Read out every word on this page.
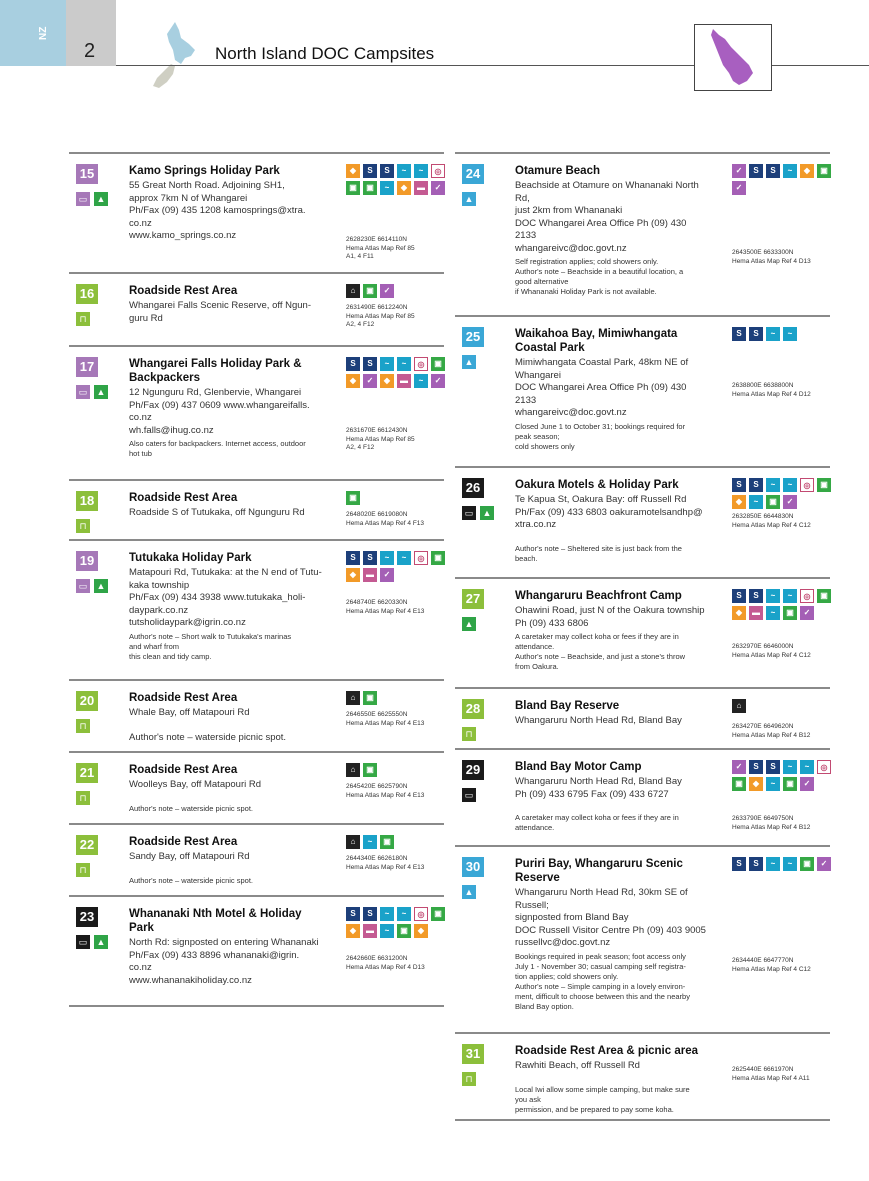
NZ
2	North Island DOC Campsites
15
▭	▲
Kamo Springs Holiday Park
55 Great North Road. Adjoining SH1,
approx 7km N of Whangarei
Ph/Fax (09) 435 1208 kamosprings@xtra.
co.nz
www.kamo_springs.co.nz
◆	S	S	~	~	◎
▣	▣	~	◆	▬	✓
2628230E 6614110N
Hema Atlas Map Ref 85
A1, 4 F11
16
⊓
Roadside Rest Area
Whangarei Falls Scenic Reserve, off Ngun-
guru Rd
⌂	▣	✓
2631490E 6612240N
Hema Atlas Map Ref 85
A2, 4 F12
17
▭	▲
Whangarei Falls Holiday Park &
Backpackers
12 Ngunguru Rd, Glenbervie, Whangarei
Ph/Fax (09) 437 0609 www.whangareifalls.
co.nz
wh.falls@ihug.co.nz
Also caters for backpackers. Internet access, outdoor
hot tub
S	S	~	~	◎	▣
◆	✓	◆	▬	~	✓
2631670E 6612430N
Hema Atlas Map Ref 85
A2, 4 F12
18
⊓
Roadside Rest Area
Roadside S of Tutukaka, off Ngunguru Rd
▣
2648020E 6619080N
Hema Atlas Map Ref 4 F13
19
▭	▲
Tutukaka Holiday Park
Matapouri Rd, Tutukaka: at the N end of Tutu-
kaka township
Ph/Fax (09) 434 3938 www.tutukaka_holi-
daypark.co.nz
tutsholidaypark@igrin.co.nz
Author's note – Short walk to Tutukaka's marinas
and wharf from
this clean and tidy camp.
S	S	~	~	◎	▣
◆	▬	✓
2648740E 6620330N
Hema Atlas Map Ref 4 E13
20
⊓
Roadside Rest Area
Whale Bay, off Matapouri Rd

Author's note – waterside picnic spot.
⌂	▣
2646550E 6625550N
Hema Atlas Map Ref 4 E13
21
⊓
Roadside Rest Area
Woolleys Bay, off Matapouri Rd

Author's note – waterside picnic spot.
⌂	▣
2645420E 6625790N
Hema Atlas Map Ref 4 E13
22
⊓
Roadside Rest Area
Sandy Bay, off Matapouri Rd

Author's note – waterside picnic spot.
⌂	~	▣
2644340E 6626180N
Hema Atlas Map Ref 4 E13
23
▭	▲
Whananaki Nth Motel & Holiday
Park
North Rd: signposted on entering Whananaki
Ph/Fax (09) 433 8896 whananaki@igrin.
co.nz
www.whananakiholiday.co.nz
S	S	~	~	◎	▣
◆	▬	~	▣	◆
2642660E 6631200N
Hema Atlas Map Ref 4 D13
24
▲
Otamure Beach
Beachside at Otamure on Whananaki North
Rd,
just 2km from Whananaki
DOC Whangarei Area Office Ph (09) 430
2133
whangareivc@doc.govt.nz
Self registration applies; cold showers only.
Author's note – Beachside in a beautiful location, a
good alternative
if Whananaki Holiday Park is not available.
✓	S	S	~	◆	▣
✓
2643500E 6633300N
Hema Atlas Map Ref 4 D13
25
▲
Waikahoa Bay, Mimiwhangata
Coastal Park
Mimiwhangata Coastal Park, 48km NE of
Whangarei
DOC Whangarei Area Office Ph (09) 430
2133
whangareivc@doc.govt.nz
Closed June 1 to October 31; bookings required for
peak season;
cold showers only
S	S	~	~
2638800E 6638800N
Hema Atlas Map Ref 4 D12
26
▭	▲
Oakura Motels & Holiday Park
Te Kapua St, Oakura Bay: off Russell Rd
Ph/Fax (09) 433 6803 oakuramotelsandhp@
xtra.co.nz

Author's note – Sheltered site is just back from the
beach.
S	S	~	~	◎	▣
◆	~	▣	✓
2632850E 6644830N
Hema Atlas Map Ref 4 C12
27
▲
Whangaruru Beachfront Camp
Ohawini Road, just N of the Oakura township
Ph (09) 433 6806
A caretaker may collect koha or fees if they are in
attendance.
Author's note – Beachside, and just a stone's throw
from Oakura.
S	S	~	~	◎	▣
◆	▬	~	▣	✓
2632970E 6646000N
Hema Atlas Map Ref 4 C12
28
⊓
Bland Bay Reserve
Whangaruru North Head Rd, Bland Bay
⌂
2634270E 6649620N
Hema Atlas Map Ref 4 B12
29
▭
Bland Bay Motor Camp
Whangaruru North Head Rd, Bland Bay
Ph (09) 433 6795 Fax (09) 433 6727

A caretaker may collect koha or fees if they are in
attendance.
✓	S	S	~	~	◎
▣	◆	~	▣	✓
2633790E 6649750N
Hema Atlas Map Ref 4 B12
30
▲
Puriri Bay, Whangaruru Scenic
Reserve
Whangaruru North Head Rd, 30km SE of
Russell;
signposted from Bland Bay
DOC Russell Visitor Centre Ph (09) 403 9005
russellvc@doc.govt.nz
Bookings required in peak season; foot access only
July 1 - November 30; casual camping self registra-
tion applies; cold showers only.
Author's note – Simple camping in a lovely environ-
ment, difficult to choose between this and the nearby
Bland Bay option.
S	S	~	~	▣	✓
2634440E 6647770N
Hema Atlas Map Ref 4 C12
31
⊓
Roadside Rest Area & picnic area
Rawhiti Beach, off Russell Rd

Local Iwi allow some simple camping, but make sure
you ask
permission, and be prepared to pay some koha.
2625440E 6661970N
Hema Atlas Map Ref 4 A11
